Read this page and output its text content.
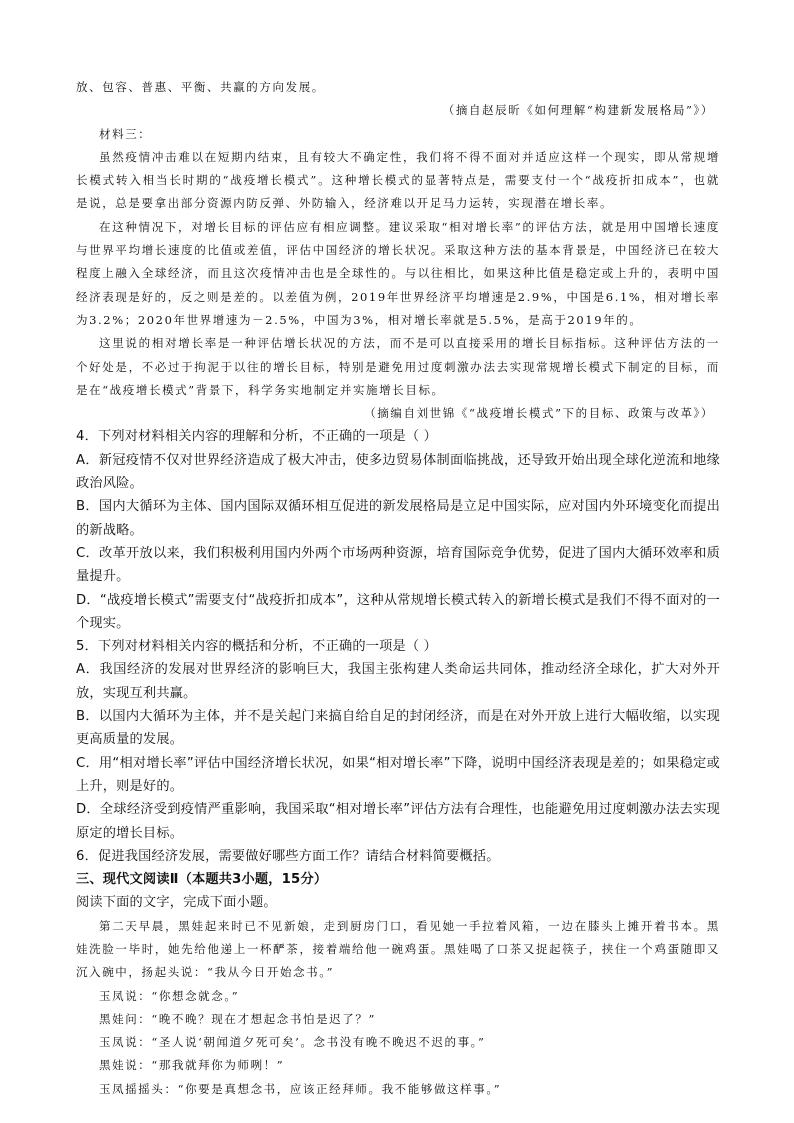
放、包容、普惠、平衡、共赢的方向发展。

（摘自赵辰昕《如何理解“构建新发展格局”》）

材料三：

虽然疫情冲击难以在短期内结束，且有较大不确定性，我们将不得不面对并适应这样一个现实，即从常规增长模式转入相当长时期的“战疫增长模式”。这种增长模式的显著特点是，需要支付一个“战疫折扣成本”，也就是说，总是要拿出部分资源内防反弹、外防输入，经济难以开足马力运转，实现潜在增长率。

在这种情况下，对增长目标的评估应有相应调整。建议采取“相对增长率”的评估方法，就是用中国增长速度与世界平均增长速度的比值或差值，评估中国经济的增长状况。采取这种方法的基本背景是，中国经济已在较大程度上融入全球经济，而且这次疫情冲击也是全球性的。与以往相比，如果这种比值是稳定或上升的，表明中国经济表现是好的，反之则是差的。以差值为例，2019年世界经济平均增速是2.9%，中国是6.1%，相对增长率为3.2%；2020年世界增速为－2.5%，中国为3%，相对增长率就是5.5%，是高于2019年的。

这里说的相对增长率是一种评估增长状况的方法，而不是可以直接采用的增长目标指标。这种评估方法的一个好处是，不必过于拘泥于以往的增长目标，特别是避免用过度刺激办法去实现常规增长模式下制定的目标，而是在“战疫增长模式”背景下，科学务实地制定并实施增长目标。

（摘编自刘世锦《“战疫增长模式”下的目标、政策与改革》）

4．下列对材料相关内容的理解和分析，不正确的一项是（ ）

A．新冠疫情不仅对世界经济造成了极大冲击，使多边贸易体制面临挑战，还导致开始出现全球化逆流和地缘政治风险。

B．国内大循环为主体、国内国际双循环相互促进的新发展格局是立足中国实际，应对国内外环境变化而提出的新战略。

C．改革开放以来，我们积极利用国内外两个市场两种资源，培育国际竞争优势，促进了国内大循环效率和质量提升。

D．“战疫增长模式”需要支付“战疫折扣成本”，这种从常规增长模式转入的新增长模式是我们不得不面对的一个现实。

5．下列对材料相关内容的概括和分析，不正确的一项是（ ）

A．我国经济的发展对世界经济的影响巨大，我国主张构建人类命运共同体，推动经济全球化，扩大对外开放，实现互利共赢。

B．以国内大循环为主体，并不是关起门来搞自给自足的封闭经济，而是在对外开放上进行大幅收缩，以实现更高质量的发展。

C．用“相对增长率”评估中国经济增长状况，如果“相对增长率”下降，说明中国经济表现是差的；如果稳定或上升，则是好的。

D．全球经济受到疫情严重影响，我国采取“相对增长率”评估方法有合理性，也能避免用过度刺激办法去实现原定的增长目标。

6．促进我国经济发展，需要做好哪些方面工作？请结合材料简要概括。

三、现代文阅读Ⅱ（本题共3小题，15分）

阅读下面的文字，完成下面小题。

第二天早晨，黑娃起来时已不见新娘，走到厨房门口，看见她一手拉着风箱，一边在膝头上摊开着书本。黑娃洗脸一毕时，她先给他递上一杯酽茶，接着端给他一碗鸡蛋。黑娃喝了口茶又捉起筷子，挟住一个鸡蛋随即又沉入碗中，扬起头说：“我从今日开始念书。”

玉凤说：“你想念就念。”

黑娃问：“晚不晚？现在才想起念书怕是迟了？”

玉凤说：“圣人说‘朝闻道夕死可矣’。念书没有晚不晚迟不迟的事。”

黑娃说：“那我就拜你为师咧！”

玉凤摇摇头：“你要是真想念书，应该正经拜师。我不能够做这样事。”
